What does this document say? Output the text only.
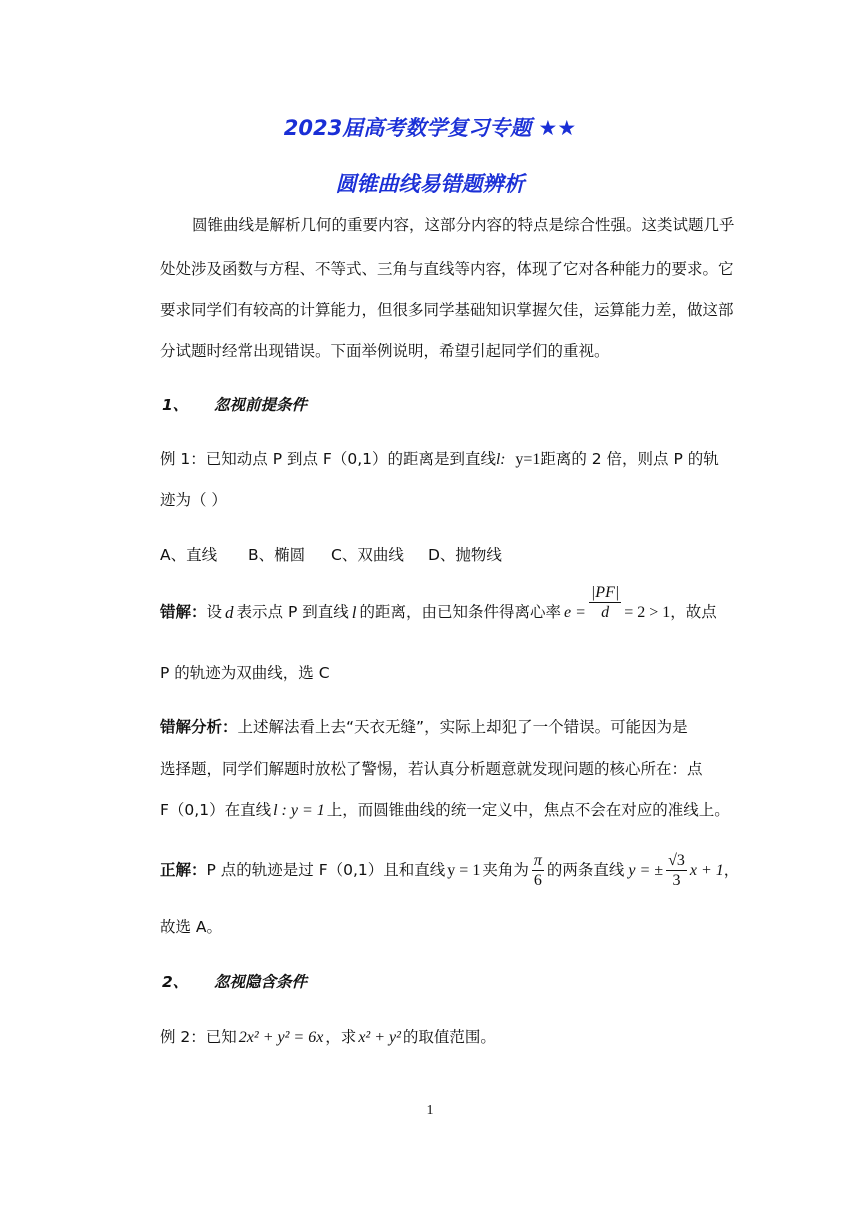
2023届高考数学复习专题 ★★
圆锥曲线易错题辨析
圆锥曲线是解析几何的重要内容，这部分内容的特点是综合性强。这类试题几乎
处处涉及函数与方程、不等式、三角与直线等内容，体现了它对各种能力的要求。它
要求同学们有较高的计算能力，但很多同学基础知识掌握欠佳，运算能力差，做这部
分试题时经常出现错误。下面举例说明，希望引起同学们的重视。
1、 忽视前提条件
例 1：已知动点 P 到点 F（0,1）的距离是到直线l: y=1距离的 2 倍，则点 P 的轨
迹为（ ）
A、直线 B、椭圆 C、双曲线 D、抛物线
错解： 设 d 表示点 P 到直线 l 的距离，由已知条件得离心率 $e = \frac{|PF|}{d} = 2 > 1$ ，故点
P 的轨迹为双曲线，选 C
错解分析：上述解法看上去“天衣无缝”，实际上却犯了一个错误。可能因为是
选择题，同学们解题时放松了警惕，若认真分析题意就发现问题的核心所在：点
F（0,1）在直线 l : y = 1 上，而圆锥曲线的统一定义中，焦点不会在对应的准线上。
正解： P 点的轨迹是过 F（0,1）且和直线 y = 1 夹角为 $\frac{\pi}{6}$ 的两条直线 y = ± $\frac{√3}{3}$ x + 1 ，
故选 A。
2、 忽视隐含条件
例 2：已知 2x² + y² = 6x ，求 x² + y² 的取值范围。
1
